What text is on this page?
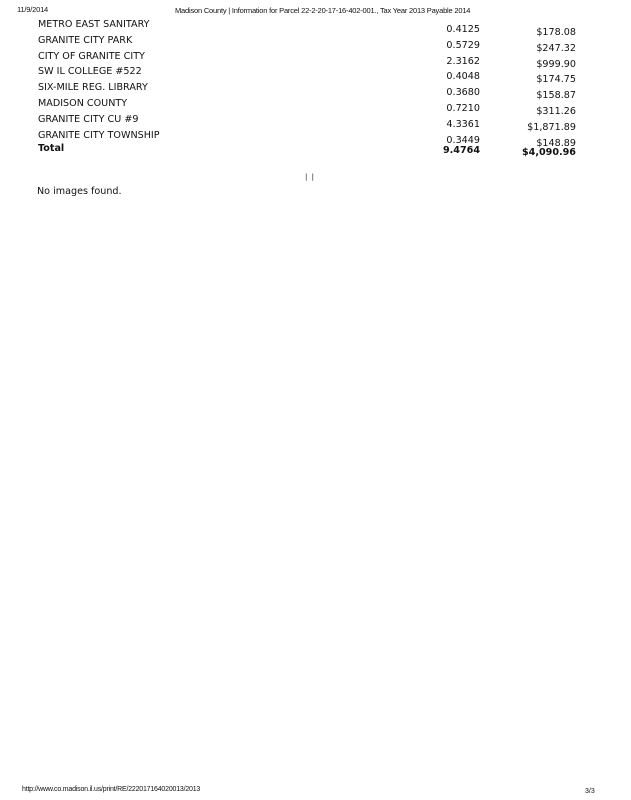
11/9/2014	Madison County | Information for Parcel 22-2-20-17-16-402-001., Tax Year 2013 Payable 2014
METRO EAST SANITARY	0.4125	$178.08
GRANITE CITY PARK	0.5729	$247.32
CITY OF GRANITE CITY	2.3162	$999.90
SW IL COLLEGE #522	0.4048	$174.75
SIX-MILE REG. LIBRARY	0.3680	$158.87
MADISON COUNTY	0.7210	$311.26
GRANITE CITY CU #9	4.3361	$1,871.89
GRANITE CITY TOWNSHIP	0.3449	$148.89
Total	9.4764	$4,090.96
| |
No images found.
http://www.co.madison.il.us/print/RE/222017164020013/2013	3/3
